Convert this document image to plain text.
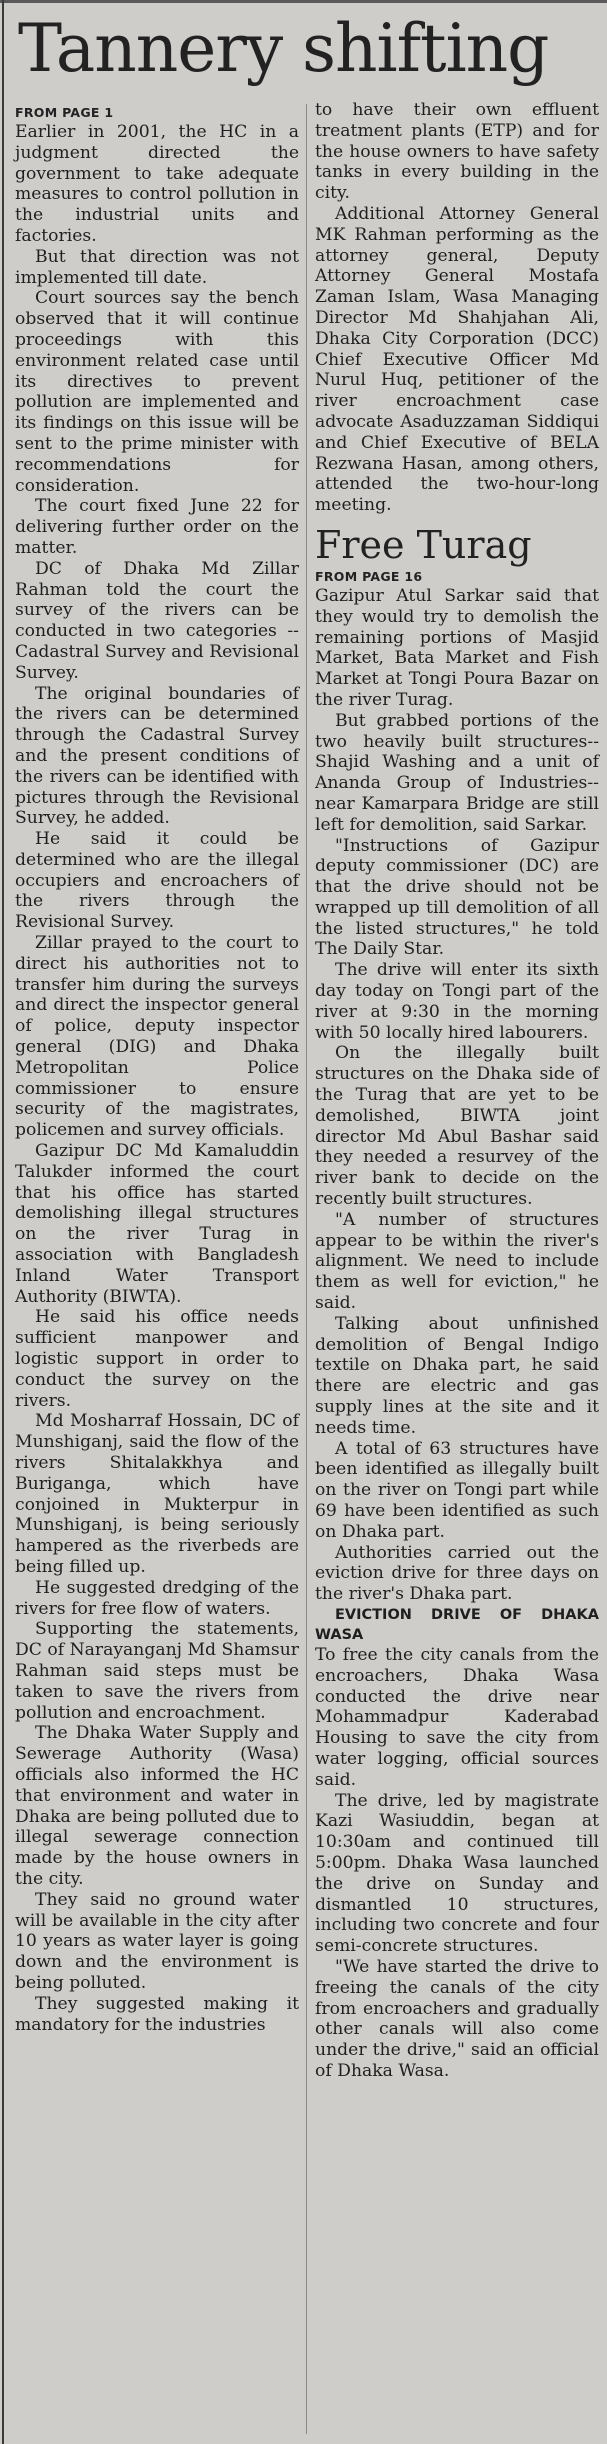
Tannery shifting
FROM PAGE 1

Earlier in 2001, the HC in a judgment directed the government to take adequate measures to control pollution in the industrial units and factories.

But that direction was not implemented till date.

Court sources say the bench observed that it will continue proceedings with this environment related case until its directives to prevent pollution are implemented and its findings on this issue will be sent to the prime minister with recommendations for consideration.

The court fixed June 22 for delivering further order on the matter.

DC of Dhaka Md Zillar Rahman told the court the survey of the rivers can be conducted in two categories -- Cadastral Survey and Revisional Survey.

The original boundaries of the rivers can be determined through the Cadastral Survey and the present conditions of the rivers can be identified with pictures through the Revisional Survey, he added.

He said it could be determined who are the illegal occupiers and encroachers of the rivers through the Revisional Survey.

Zillar prayed to the court to direct his authorities not to transfer him during the surveys and direct the inspector general of police, deputy inspector general (DIG) and Dhaka Metropolitan Police commissioner to ensure security of the magistrates, policemen and survey officials.

Gazipur DC Md Kamaluddin Talukder informed the court that his office has started demolishing illegal structures on the river Turag in association with Bangladesh Inland Water Transport Authority (BIWTA).

He said his office needs sufficient manpower and logistic support in order to conduct the survey on the rivers.

Md Mosharraf Hossain, DC of Munshiganj, said the flow of the rivers Shitalakkhya and Buriganga, which have conjoined in Mukterpur in Munshiganj, is being seriously hampered as the riverbeds are being filled up.

He suggested dredging of the rivers for free flow of waters.

Supporting the statements, DC of Narayanganj Md Shamsur Rahman said steps must be taken to save the rivers from pollution and encroachment.

The Dhaka Water Supply and Sewerage Authority (Wasa) officials also informed the HC that environment and water in Dhaka are being polluted due to illegal sewerage connection made by the house owners in the city.

They said no ground water will be available in the city after 10 years as water layer is going down and the environment is being polluted.

They suggested making it mandatory for the industries

to have their own effluent treatment plants (ETP) and for the house owners to have safety tanks in every building in the city.

Additional Attorney General MK Rahman performing as the attorney general, Deputy Attorney General Mostafa Zaman Islam, Wasa Managing Director Md Shahjahan Ali, Dhaka City Corporation (DCC) Chief Executive Officer Md Nurul Huq, petitioner of the river encroachment case advocate Asaduzzaman Siddiqui and Chief Executive of BELA Rezwana Hasan, among others, attended the two-hour-long meeting.

Free Turag
FROM PAGE 16

Gazipur Atul Sarkar said that they would try to demolish the remaining portions of Masjid Market, Bata Market and Fish Market at Tongi Poura Bazar on the river Turag.

But grabbed portions of the two heavily built structures--Shajid Washing and a unit of Ananda Group of Industries--near Kamarpara Bridge are still left for demolition, said Sarkar.

"Instructions of Gazipur deputy commissioner (DC) are that the drive should not be wrapped up till demolition of all the listed structures," he told The Daily Star.

The drive will enter its sixth day today on Tongi part of the river at 9:30 in the morning with 50 locally hired labourers.

On the illegally built structures on the Dhaka side of the Turag that are yet to be demolished, BIWTA joint director Md Abul Bashar said they needed a resurvey of the river bank to decide on the recently built structures.

"A number of structures appear to be within the river's alignment. We need to include them as well for eviction," he said.

Talking about unfinished demolition of Bengal Indigo textile on Dhaka part, he said there are electric and gas supply lines at the site and it needs time.

A total of 63 structures have been identified as illegally built on the river on Tongi part while 69 have been identified as such on Dhaka part.

Authorities carried out the eviction drive for three days on the river's Dhaka part.

EVICTION DRIVE OF DHAKA WASA

To free the city canals from the encroachers, Dhaka Wasa conducted the drive near Mohammadpur Kaderabad Housing to save the city from water logging, official sources said.

The drive, led by magistrate Kazi Wasiuddin, began at 10:30am and continued till 5:00pm. Dhaka Wasa launched the drive on Sunday and dismantled 10 structures, including two concrete and four semi-concrete structures.

"We have started the drive to freeing the canals of the city from encroachers and gradually other canals will also come under the drive," said an official of Dhaka Wasa.
